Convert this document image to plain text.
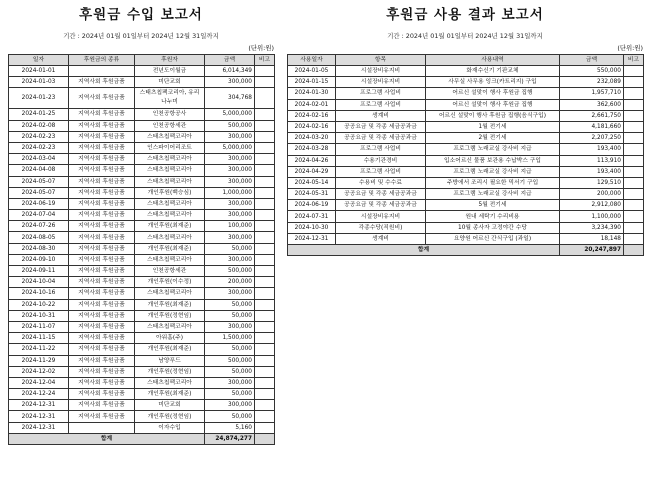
후원금 수입 보고서
기간 : 2024년 01월 01일부터 2024년 12월 31일까지
(단위:원)
일자	후원금의 종류	후원자	금액	비고
2024-01-01		전년도이월금	6,014,349	
2024-01-03	지역사회 후원금품	미단교회	300,000	
2024-01-23	지역사회 후원금품	스태츠칩팩코리아, 유리나누미	304,768	
2024-01-25	지역사회 후원금품	인천공항공사	5,000,000	
2024-02-08	지역사회 후원금품	인천공항세관	500,000	
2024-02-23	지역사회 후원금품	스태츠칩팩코리아	300,000	
2024-02-23	지역사회 후원금품	인스파이어리조트	5,000,000	
2024-03-04	지역사회 후원금품	스태츠칩팩코리아	300,000	
2024-04-08	지역사회 후원금품	스태츠칩팩코리아	300,000	
2024-05-07	지역사회 후원금품	스태츠칩팩코리아	300,000	
2024-05-07	지역사회 후원금품	개인후원(백승심)	1,000,000	
2024-06-19	지역사회 후원금품	스태츠칩팩코리아	300,000	
2024-07-04	지역사회 후원금품	스태츠칩팩코리아	300,000	
2024-07-26	지역사회 후원금품	개인후원(최재준)	100,000	
2024-08-05	지역사회 후원금품	스태츠칩팩코리아	300,000	
2024-08-30	지역사회 후원금품	개인후원(최재준)	50,000	
2024-09-10	지역사회 후원금품	스태츠칩팩코리아	300,000	
2024-09-11	지역사회 후원금품	인천공항세관	500,000	
2024-10-04	지역사회 후원금품	개인후원(이수정)	200,000	
2024-10-16	지역사회 후원금품	스태츠칩팩코리아	300,000	
2024-10-22	지역사회 후원금품	개인후원(최재준)	50,000	
2024-10-31	지역사회 후원금품	개인후원(정현임)	50,000	
2024-11-07	지역사회 후원금품	스태츠칩팩코리아	300,000	
2024-11-15	지역사회 후원금품	아워홈(주)	1,500,000	
2024-11-22	지역사회 후원금품	개인후원(최재준)	50,000	
2024-11-29	지역사회 후원금품	남양푸드	500,000	
2024-12-02	지역사회 후원금품	개인후원(정현임)	50,000	
2024-12-04	지역사회 후원금품	스태츠칩팩코리아	300,000	
2024-12-24	지역사회 후원금품	개인후원(최재준)	50,000	
2024-12-31	지역사회 후원금품	미단교회	300,000	
2024-12-31	지역사회 후원금품	개인후원(정현임)	50,000	
2024-12-31		이자수입	5,160	
합계			24,874,277	
후원금 사용 결과 보고서
기간 : 2024년 01월 01일부터 2024년 12월 31일까지
(단위:원)
사용일자	항목	사용내역	금액	비고
2024-01-05	시설장비유지비	화재수신기 기판교체	550,000	
2024-01-15	시설장비유지비	사무실 사무용 잉크(카트리지) 구입	232,089	
2024-01-30	프로그램 사업비	어르신 설맞이 행사 후원금 집행	1,957,710	
2024-02-01	프로그램 사업비	어르신 설맞이 행사 후원금 집행	362,600	
2024-02-16	생계비	어르신 설맞이 행사 후원금 집행(음식구입)	2,661,750	
2024-02-16	공공요금 및 각종 세금공과금	1월 전기세	4,181,660	
2024-03-20	공공요금 및 각종 세금공과금	2월 전기세	2,207,250	
2024-03-28	프로그램 사업비	프로그램 노래교실 강사비 지급	193,400	
2024-04-26	수용기관경비	입소어르신 물품 보관용 수납박스 구입	113,910	
2024-04-29	프로그램 사업비	프로그램 노래교실 강사비 지급	193,400	
2024-05-14	수용비 및 수수료	주방에서 조리시 필요한 믹서기 구입	129,510	
2024-05-31	공공요금 및 각종 세금공과금	프로그램 노래교실 강사비 지급	200,000	
2024-06-19	공공요금 및 각종 세금공과금	5월 전기세	2,912,080	
2024-07-31	시설장비유지비	원내 세탁기 수리비용	1,100,000	
2024-10-30	각종수당(직원비)	10월 종사자 고정야간 수당	3,234,390	
2024-12-31	생계비	요양원 어르신 간식구입 (과일)	18,148	
합계			20,247,897	
